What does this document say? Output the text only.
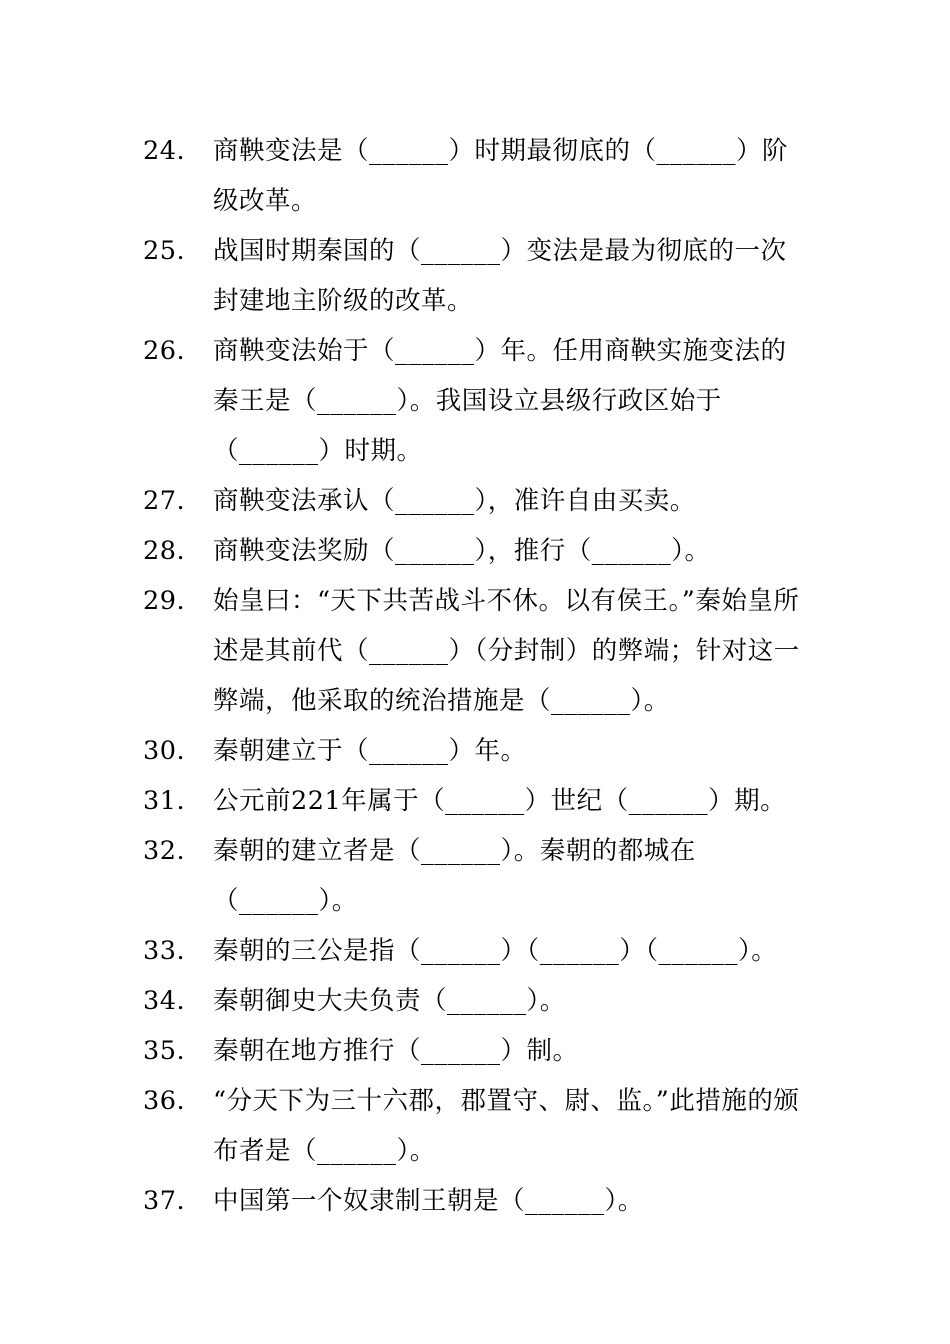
24.	商鞅变法是（______）时期最彻底的（______）阶级改革。
25.	战国时期秦国的（______）变法是最为彻底的一次封建地主阶级的改革。
26.	商鞅变法始于（______）年。任用商鞅实施变法的秦王是（______）。我国设立县级行政区始于（______）时期。
27.	商鞅变法承认（______），准许自由买卖。
28.	商鞅变法奖励（______），推行（______）。
29.	始皇曰：“天下共苦战斗不休。以有侯王。”秦始皇所述是其前代（______）（分封制）的弊端；针对这一弊端，他采取的统治措施是（______）。
30.	秦朝建立于（______）年。
31.	公元前221年属于（______）世纪（______）期。
32.	秦朝的建立者是（______）。秦朝的都城在（______）。
33.	秦朝的三公是指（______）（______）（______）。
34.	秦朝御史大夫负责（______）。
35.	秦朝在地方推行（______）制。
36.	“分天下为三十六郡，郡置守、尉、监。”此措施的颁布者是（______）。
37.	中国第一个奴隶制王朝是（______）。
